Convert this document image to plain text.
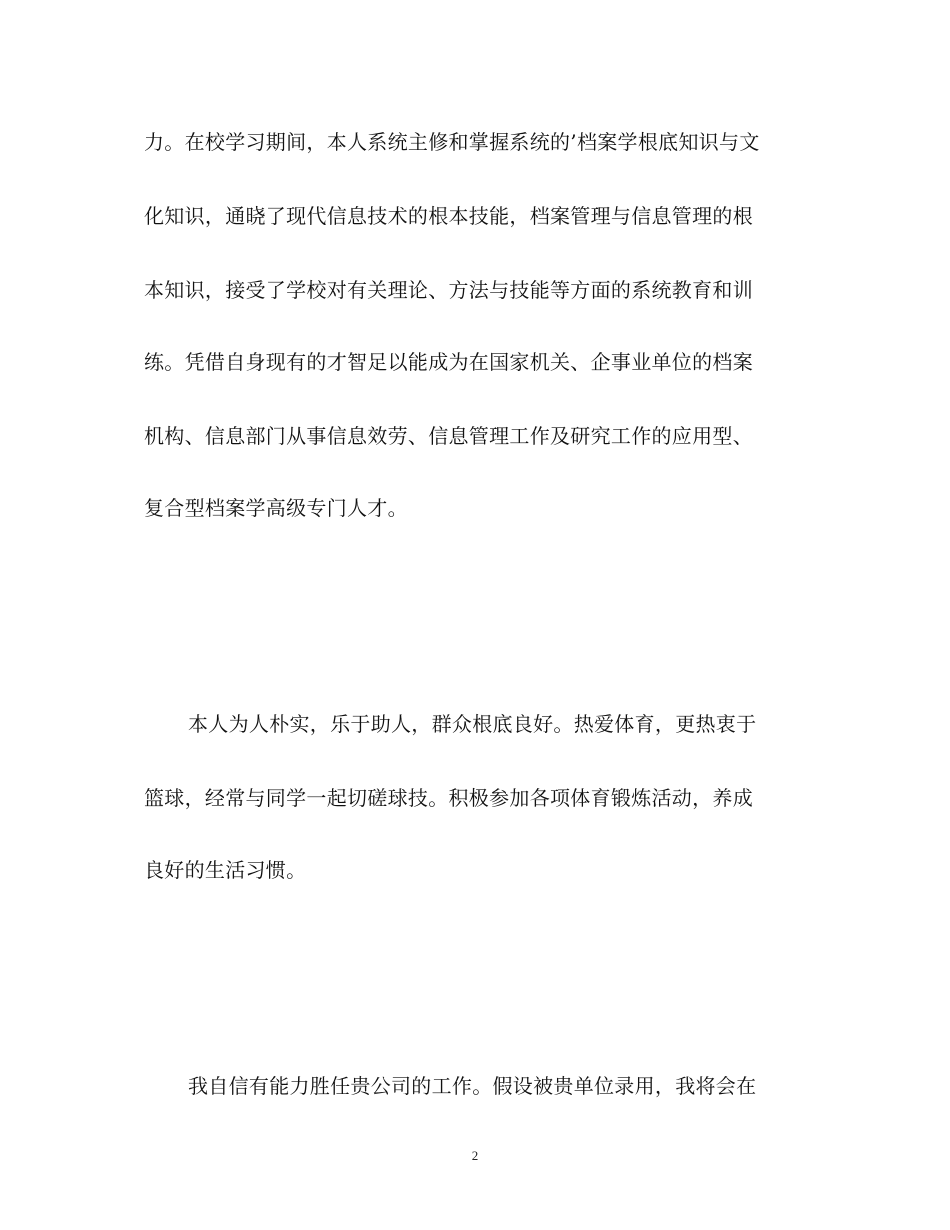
力。在校学习期间，本人系统主修和掌握系统的’档案学根底知识与文
化知识，通晓了现代信息技术的根本技能，档案管理与信息管理的根
本知识，接受了学校对有关理论、方法与技能等方面的系统教育和训
练。凭借自身现有的才智足以能成为在国家机关、企事业单位的档案
机构、信息部门从事信息效劳、信息管理工作及研究工作的应用型、
复合型档案学高级专门人才。
本人为人朴实，乐于助人，群众根底良好。热爱体育，更热衷于
篮球，经常与同学一起切磋球技。积极参加各项体育锻炼活动，养成
良好的生活习惯。
我自信有能力胜任贵公司的工作。假设被贵单位录用，我将会在
2
